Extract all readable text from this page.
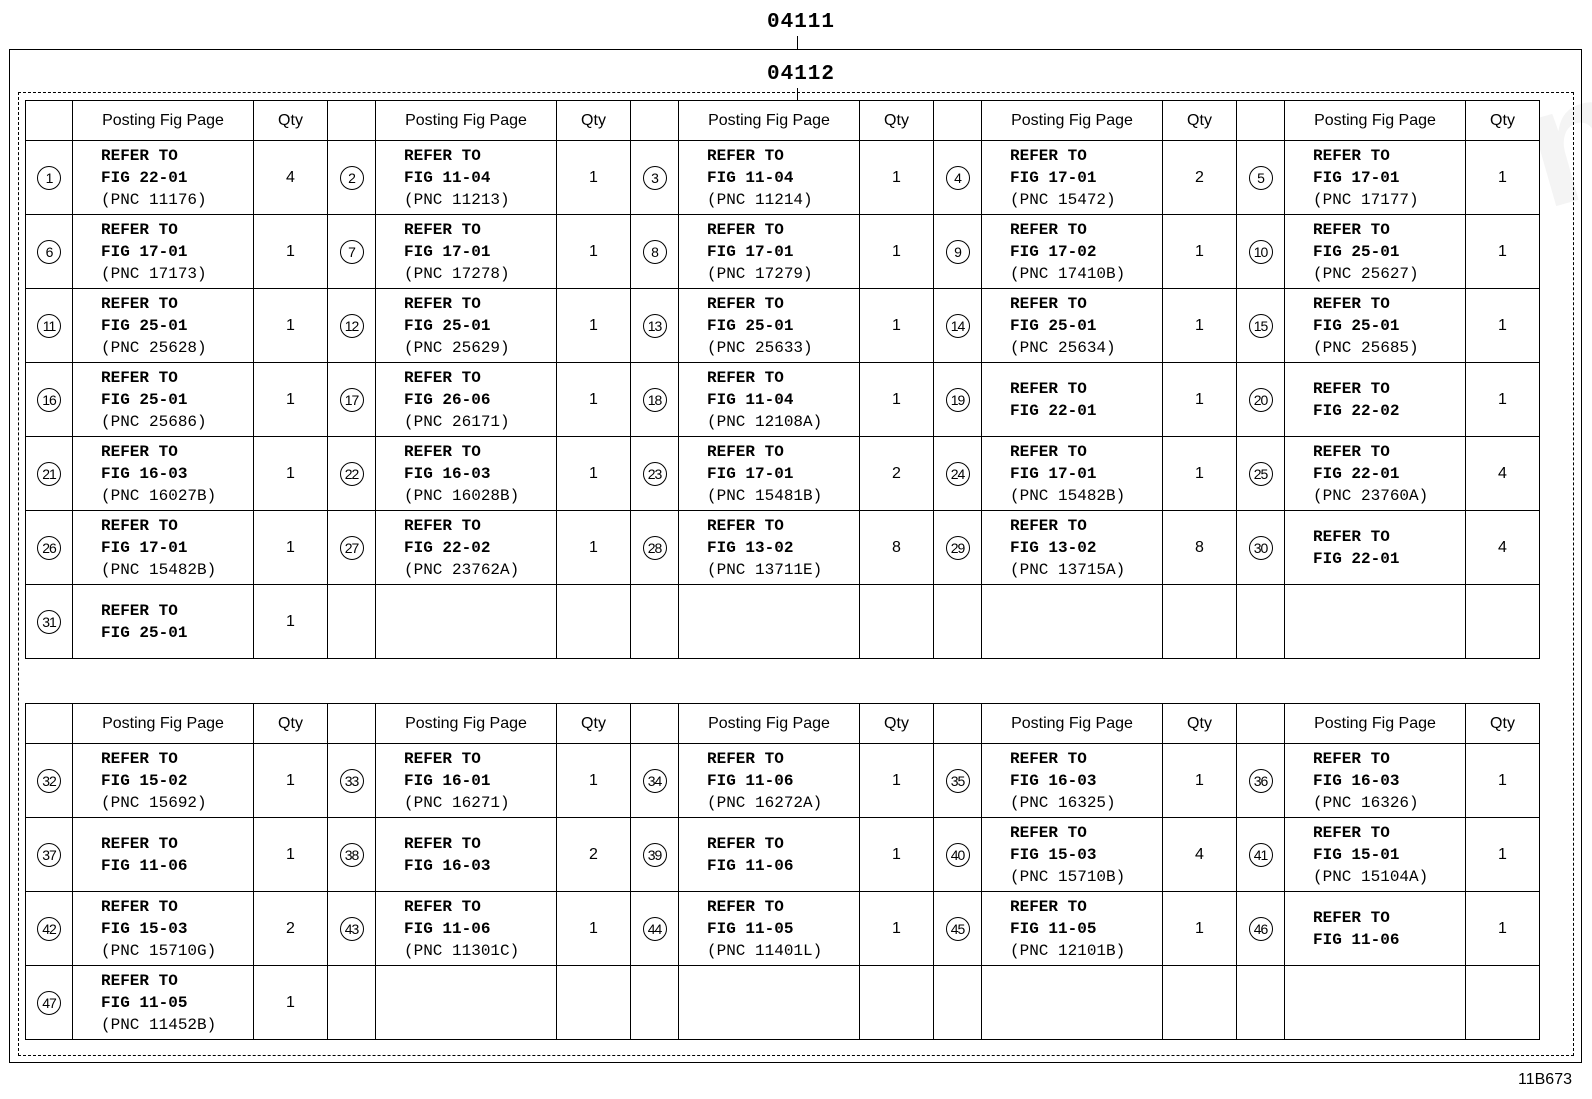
04111
04112
	Posting Fig Page	Qty		Posting Fig Page	Qty		Posting Fig Page	Qty		Posting Fig Page	Qty		Posting Fig Page	Qty
1	REFER TO
FIG 22-01
(PNC 11176)	4	2	REFER TO
FIG 11-04
(PNC 11213)	1	3	REFER TO
FIG 11-04
(PNC 11214)	1	4	REFER TO
FIG 17-01
(PNC 15472)	2	5	REFER TO
FIG 17-01
(PNC 17177)	1
6	REFER TO
FIG 17-01
(PNC 17173)	1	7	REFER TO
FIG 17-01
(PNC 17278)	1	8	REFER TO
FIG 17-01
(PNC 17279)	1	9	REFER TO
FIG 17-02
(PNC 17410B)	1	10	REFER TO
FIG 25-01
(PNC 25627)	1
11	REFER TO
FIG 25-01
(PNC 25628)	1	12	REFER TO
FIG 25-01
(PNC 25629)	1	13	REFER TO
FIG 25-01
(PNC 25633)	1	14	REFER TO
FIG 25-01
(PNC 25634)	1	15	REFER TO
FIG 25-01
(PNC 25685)	1
16	REFER TO
FIG 25-01
(PNC 25686)	1	17	REFER TO
FIG 26-06
(PNC 26171)	1	18	REFER TO
FIG 11-04
(PNC 12108A)	1	19	REFER TO
FIG 22-01	1	20	REFER TO
FIG 22-02	1
21	REFER TO
FIG 16-03
(PNC 16027B)	1	22	REFER TO
FIG 16-03
(PNC 16028B)	1	23	REFER TO
FIG 17-01
(PNC 15481B)	2	24	REFER TO
FIG 17-01
(PNC 15482B)	1	25	REFER TO
FIG 22-01
(PNC 23760A)	4
26	REFER TO
FIG 17-01
(PNC 15482B)	1	27	REFER TO
FIG 22-02
(PNC 23762A)	1	28	REFER TO
FIG 13-02
(PNC 13711E)	8	29	REFER TO
FIG 13-02
(PNC 13715A)	8	30	REFER TO
FIG 22-01	4
31	REFER TO
FIG 25-01	1												
	Posting Fig Page	Qty		Posting Fig Page	Qty		Posting Fig Page	Qty		Posting Fig Page	Qty		Posting Fig Page	Qty
32	REFER TO
FIG 15-02
(PNC 15692)	1	33	REFER TO
FIG 16-01
(PNC 16271)	1	34	REFER TO
FIG 11-06
(PNC 16272A)	1	35	REFER TO
FIG 16-03
(PNC 16325)	1	36	REFER TO
FIG 16-03
(PNC 16326)	1
37	REFER TO
FIG 11-06	1	38	REFER TO
FIG 16-03	2	39	REFER TO
FIG 11-06	1	40	REFER TO
FIG 15-03
(PNC 15710B)	4	41	REFER TO
FIG 15-01
(PNC 15104A)	1
42	REFER TO
FIG 15-03
(PNC 15710G)	2	43	REFER TO
FIG 11-06
(PNC 11301C)	1	44	REFER TO
FIG 11-05
(PNC 11401L)	1	45	REFER TO
FIG 11-05
(PNC 12101B)	1	46	REFER TO
FIG 11-06	1
47	REFER TO
FIG 11-05
(PNC 11452B)	1												
11B673
